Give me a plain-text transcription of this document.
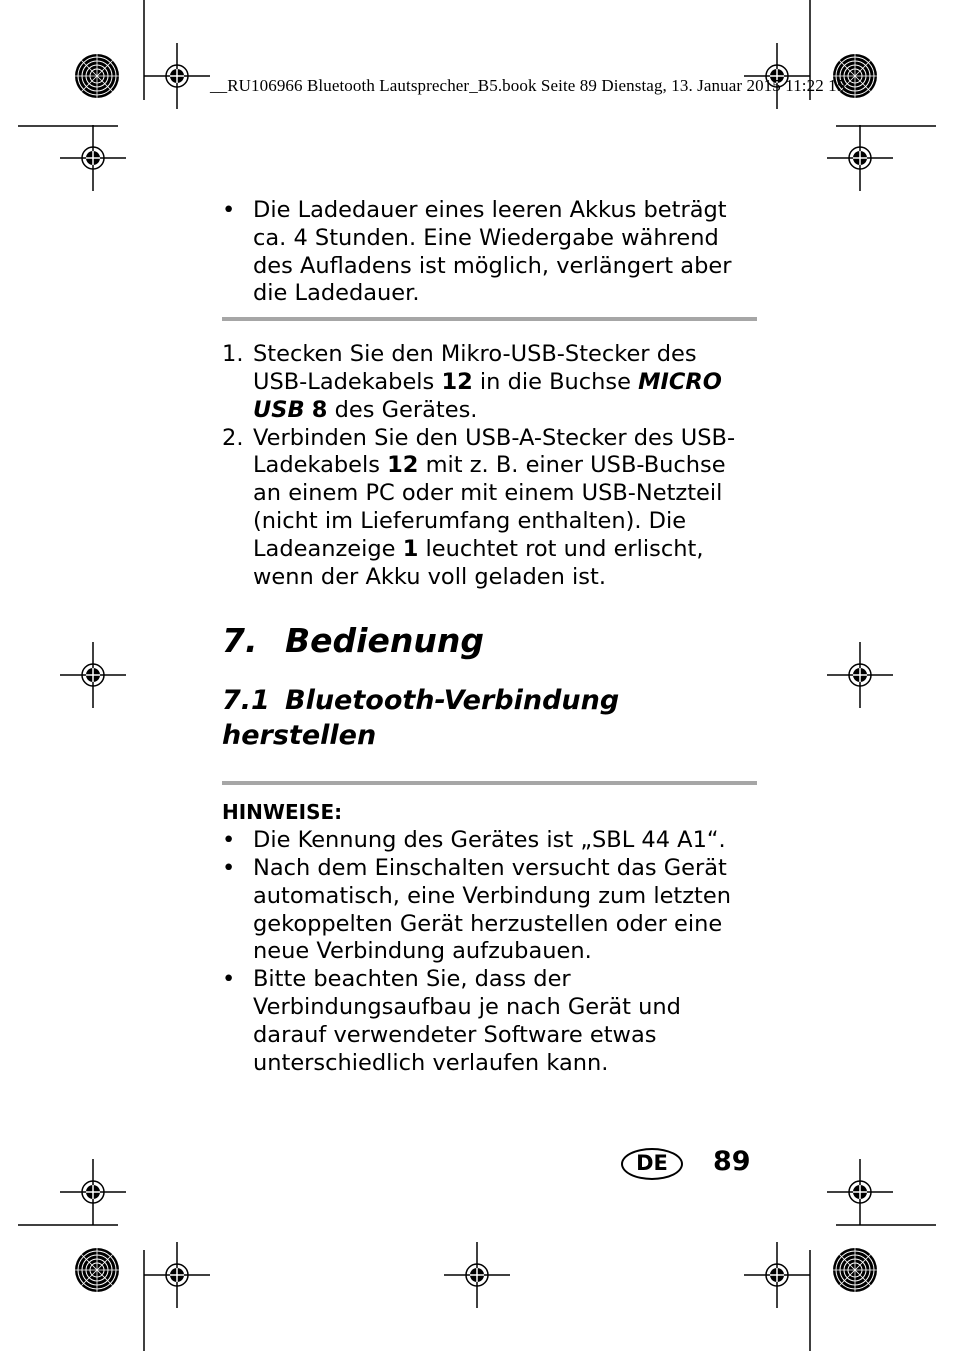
__RU106966 Bluetooth Lautsprecher_B5.book Seite 89 Dienstag, 13. Januar 2015 11:22 15

• Die Ladedauer eines leeren Akkus beträgt ca. 4 Stunden. Eine Wiedergabe während des Aufladens ist möglich, verlängert aber die Ladedauer.

1. Stecken Sie den Mikro-USB-Stecker des USB-Ladekabels 12 in die Buchse MICRO USB 8 des Gerätes.

2. Verbinden Sie den USB-A-Stecker des USB-Ladekabels 12 mit z. B. einer USB-Buchse an einem PC oder mit einem USB-Netzteil (nicht im Lieferumfang enthalten). Die Ladeanzeige 1 leuchtet rot und erlischt, wenn der Akku voll geladen ist.

7. Bedienung
7.1 Bluetooth-Verbindung herstellen
HINWEISE:

• Die Kennung des Gerätes ist „SBL 44 A1“.

• Nach dem Einschalten versucht das Gerät automatisch, eine Verbindung zum letzten gekoppelten Gerät herzustellen oder eine neue Verbindung aufzubauen.

• Bitte beachten Sie, dass der Verbindungsaufbau je nach Gerät und darauf verwendeter Software etwas unterschiedlich verlaufen kann.

DE	89
